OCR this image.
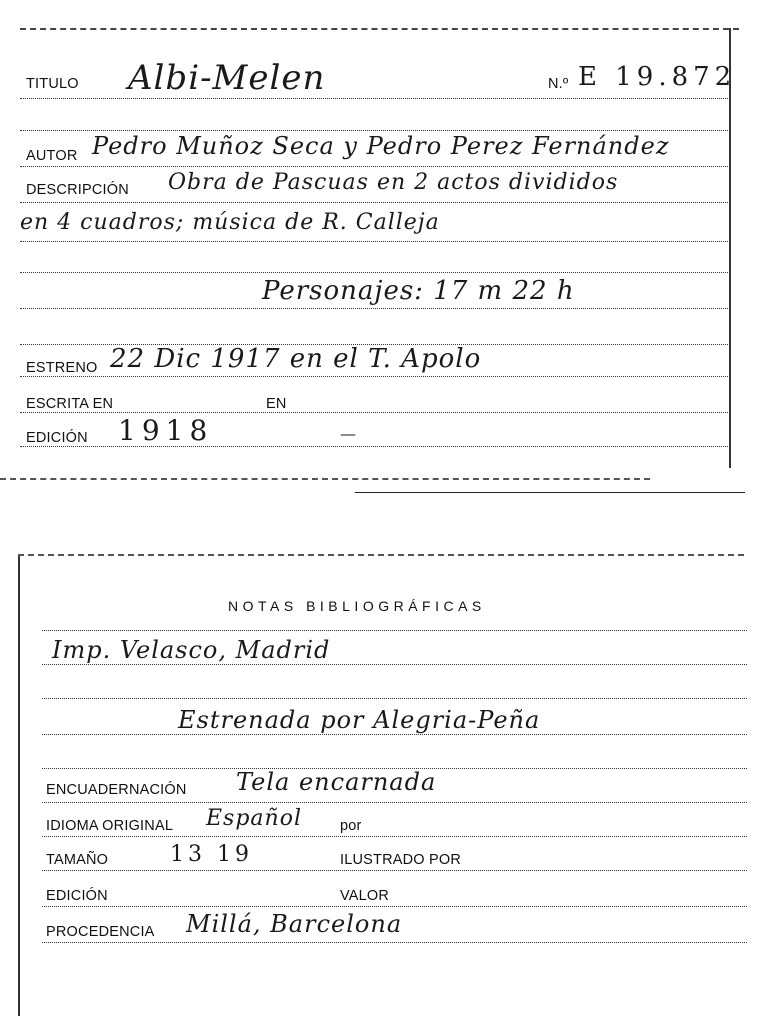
TITULO Albi-Melen	N.º E 19.872
AUTOR Pedro Muñoz Seca y Pedro Perez Fernández
DESCRIPCIÓN Obra de Pascuas en 2 actos divididos
en 4 cuadros; música de R. Calleja
Personajes: 17 m 22 h
ESTRENO 22 Dic 1917 en el T. Apolo
ESCRITA EN	EN
EDICIÓN 1918	—
NOTAS BIBLIOGRÁFICAS
Imp. Velasco, Madrid
Estrenada por Alegria-Peña
ENCUADERNACIÓN Tela encarnada
IDIOMA ORIGINAL Español	por
TAMAÑO	13 19	ILUSTRADO POR
EDICIÓN	VALOR
PROCEDENCIA Millá, Barcelona
